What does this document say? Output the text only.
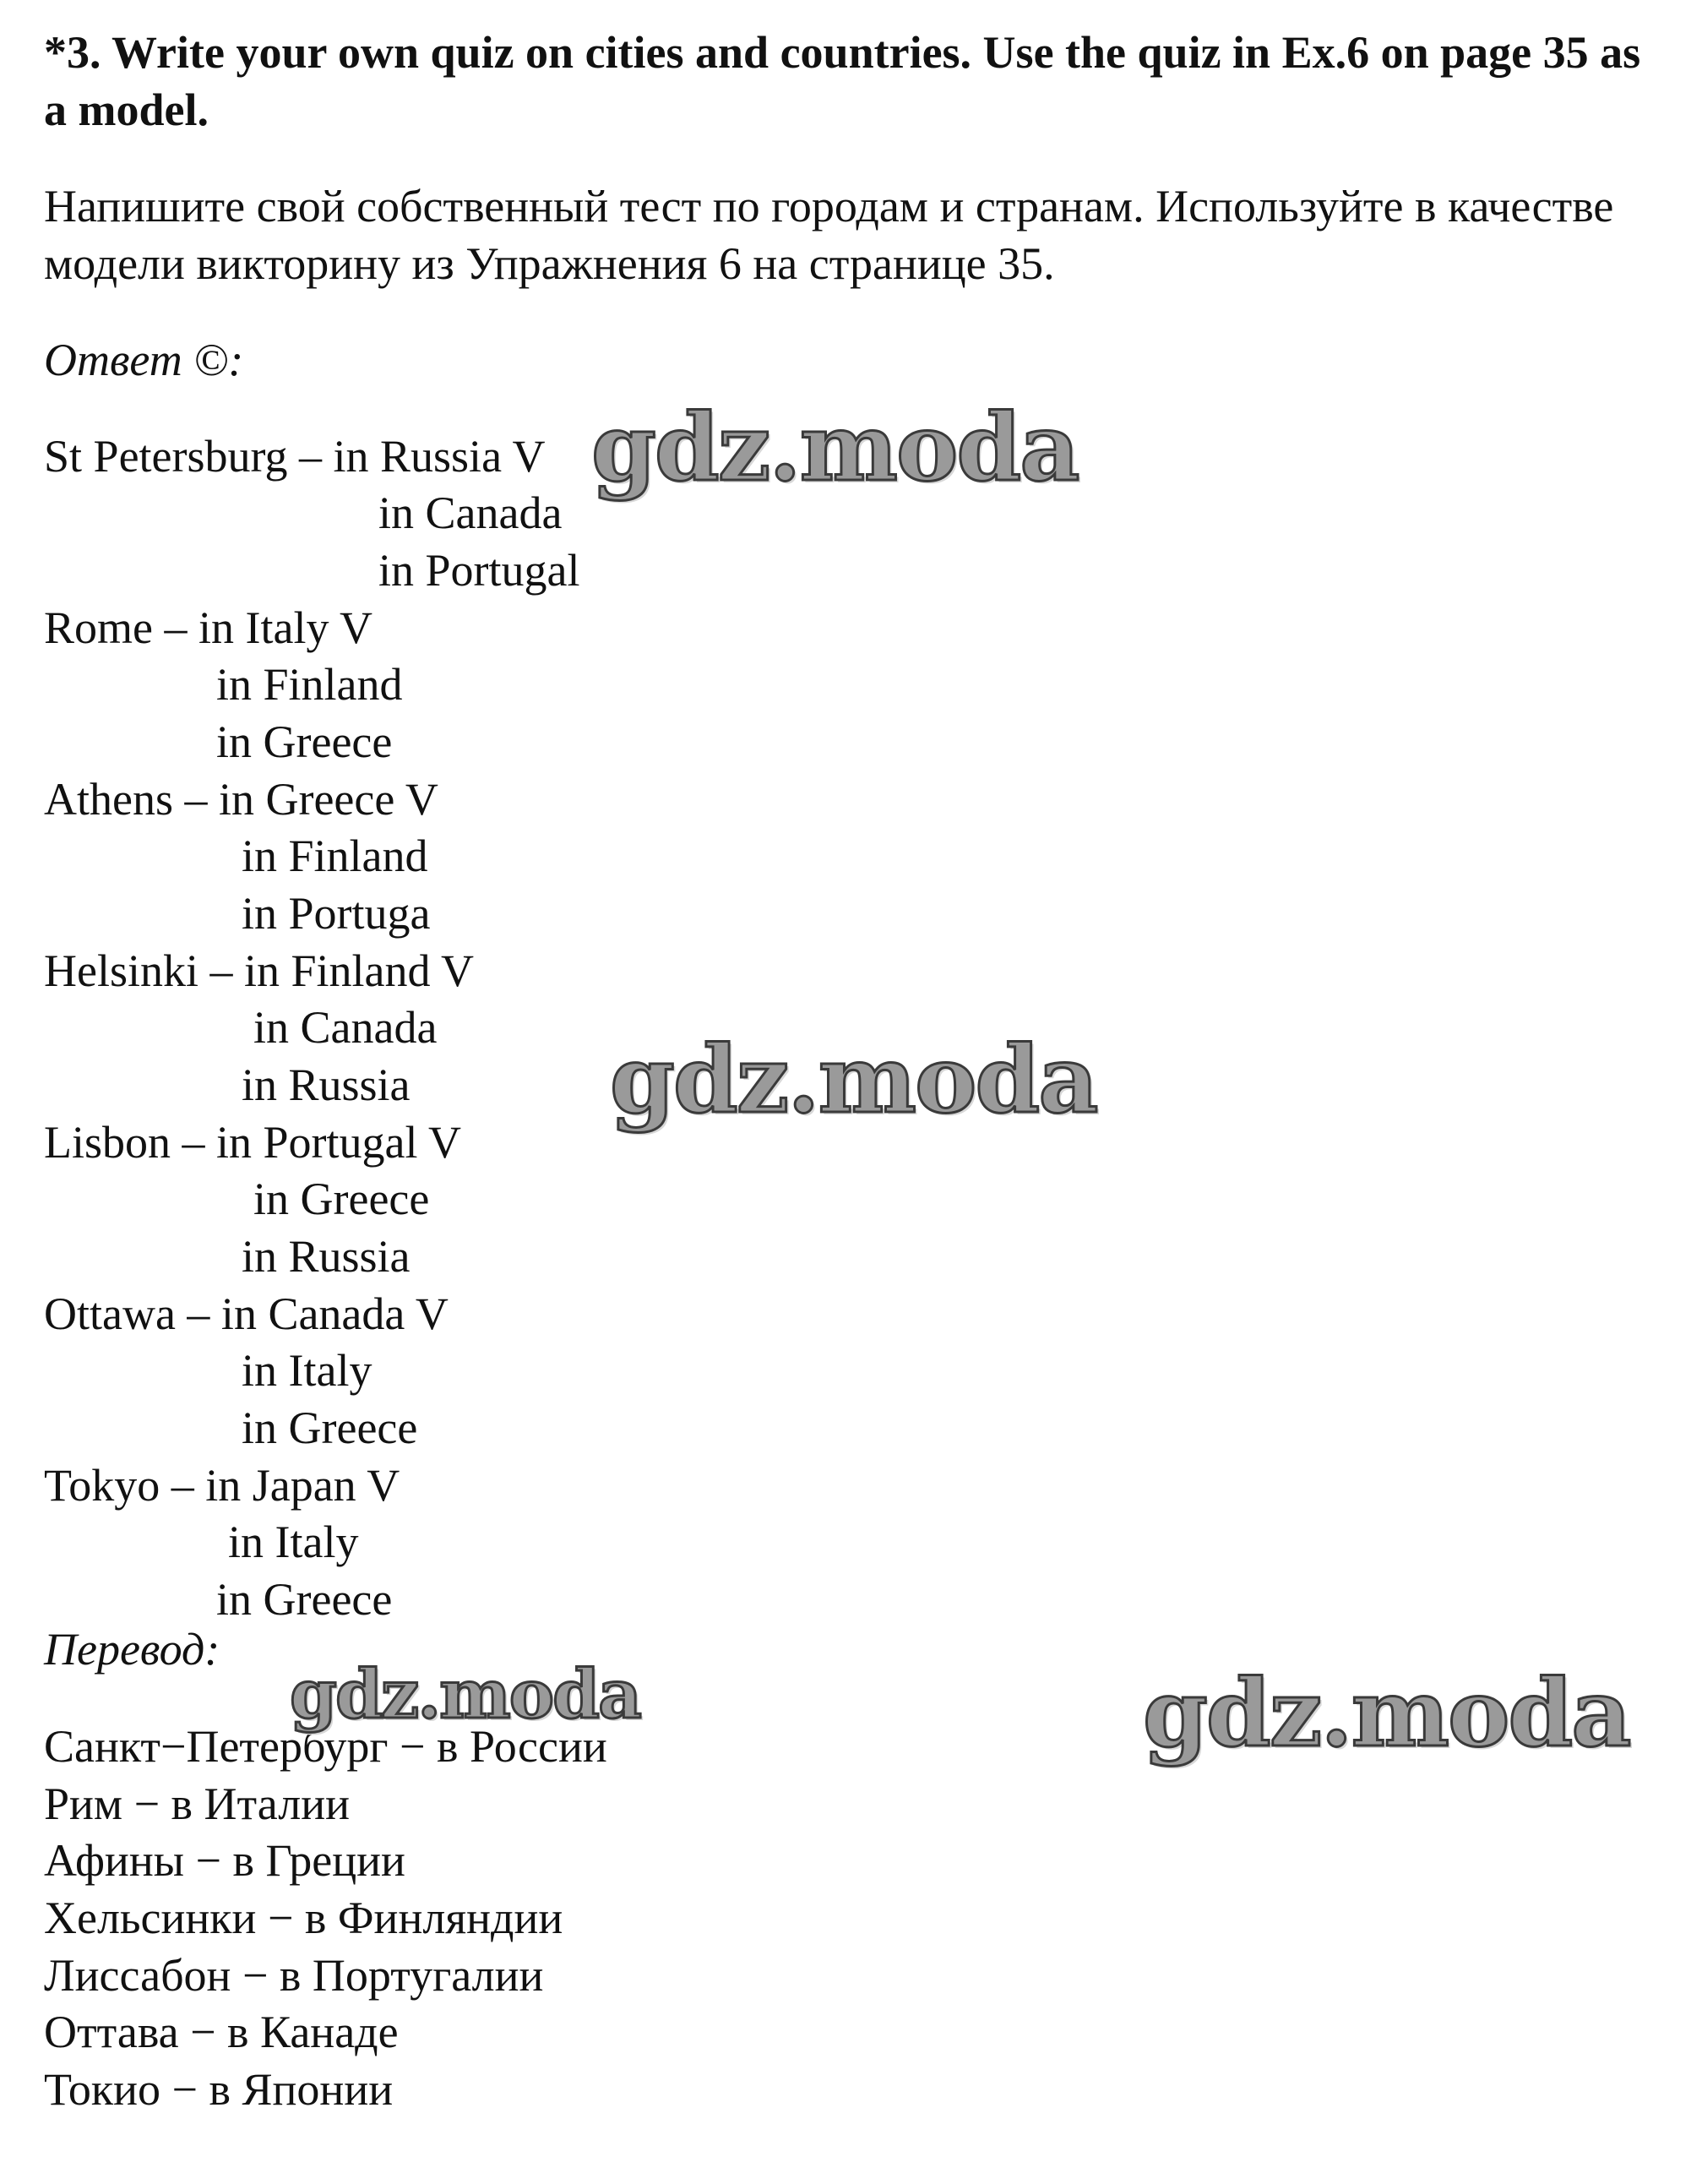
*3. Write your own quiz on cities and countries. Use the quiz in Ex.6 on page 35 as a model.

Напишите свой собственный тест по городам и странам. Используйте в качестве модели викторину из Упражнения 6 на странице 35.

Ответ ©:

St Petersburg – in Russia V

in Canada

in Portugal

Rome – in Italy V

in Finland

in Greece

Athens – in Greece V

in Finland

in Portuga

Helsinki – in Finland V

in Canada

in Russia

Lisbon – in Portugal V

in Greece

in Russia

Ottawa – in Canada V

in Italy

in Greece

Tokyo – in Japan V

in Italy

in Greece

Перевод:

Санкт−Петербург − в России

Рим − в Италии

Афины − в Греции

Хельсинки − в Финляндии

Лиссабон − в Португалии

Оттава − в Канаде

Токио − в Японии

gdz.moda
gdz.moda
gdz.moda	gdz.moda
